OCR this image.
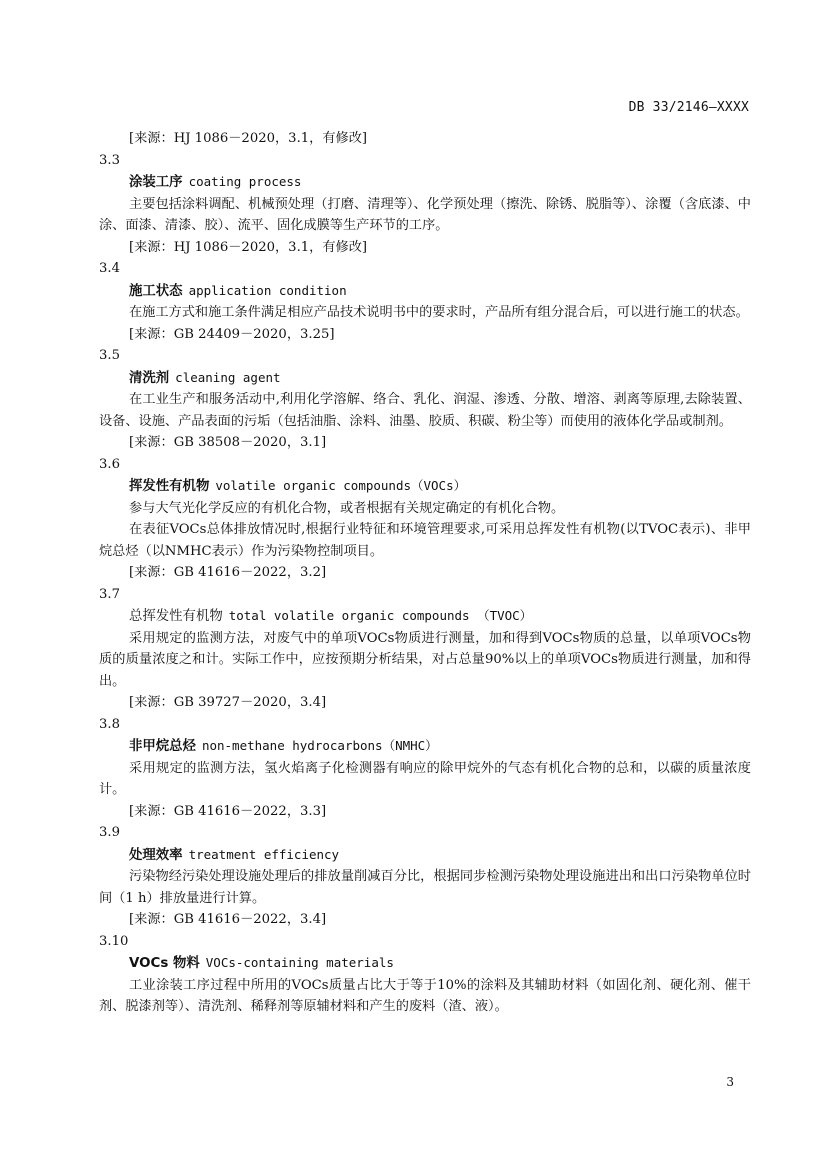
DB 33/2146—XXXX
[来源：HJ 1086－2020，3.1，有修改]
3.3
涂装工序 coating process
主要包括涂料调配、机械预处理（打磨、清理等）、化学预处理（擦洗、除锈、脱脂等）、涂覆（含底漆、中涂、面漆、清漆、胶）、流平、固化成膜等生产环节的工序。
[来源：HJ 1086－2020，3.1，有修改]
3.4
施工状态 application condition
在施工方式和施工条件满足相应产品技术说明书中的要求时，产品所有组分混合后，可以进行施工的状态。
[来源：GB 24409－2020，3.25]
3.5
清洗剂 cleaning agent
在工业生产和服务活动中,利用化学溶解、络合、乳化、润湿、渗透、分散、增溶、剥离等原理,去除装置、设备、设施、产品表面的污垢（包括油脂、涂料、油墨、胶质、积碳、粉尘等）而使用的液体化学品或制剂。
[来源：GB 38508－2020，3.1]
3.6
挥发性有机物 volatile organic compounds（VOCs）
参与大气光化学反应的有机化合物，或者根据有关规定确定的有机化合物。
在表征VOCs总体排放情况时,根据行业特征和环境管理要求,可采用总挥发性有机物(以TVOC表示)、非甲烷总烃（以NMHC表示）作为污染物控制项目。
[来源：GB 41616－2022，3.2]
3.7
总挥发性有机物 total volatile organic compounds （TVOC）
采用规定的监测方法，对废气中的单项VOCs物质进行测量，加和得到VOCs物质的总量，以单项VOCs物质的质量浓度之和计。实际工作中，应按预期分析结果，对占总量90%以上的单项VOCs物质进行测量，加和得出。
[来源：GB 39727－2020，3.4]
3.8
非甲烷总烃 non-methane hydrocarbons（NMHC）
采用规定的监测方法，氢火焰离子化检测器有响应的除甲烷外的气态有机化合物的总和，以碳的质量浓度计。
[来源：GB 41616－2022，3.3]
3.9
处理效率 treatment efficiency
污染物经污染处理设施处理后的排放量削减百分比，根据同步检测污染物处理设施进出和出口污染物单位时间（1 h）排放量进行计算。
[来源：GB 41616－2022，3.4]
3.10
VOCs 物料 VOCs-containing materials
工业涂装工序过程中所用的VOCs质量占比大于等于10%的涂料及其辅助材料（如固化剂、硬化剂、催干剂、脱漆剂等）、清洗剂、稀释剂等原辅材料和产生的废料（渣、液）。
3
